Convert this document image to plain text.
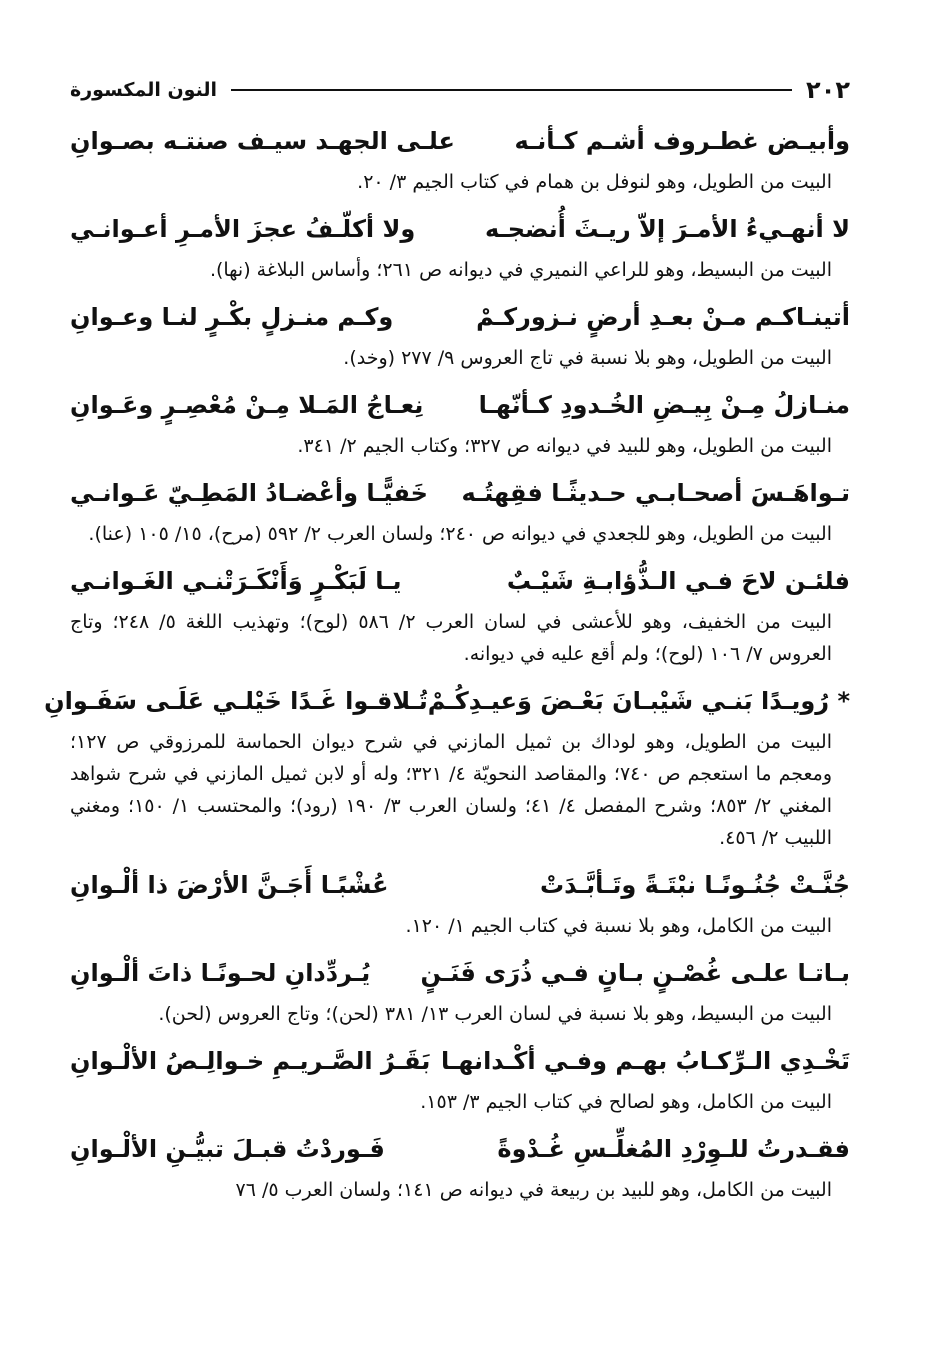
٢٠٢
النون المكسورة
وأبيـض غطـروف أشـم كـأنـه
علـى الجهـد سيـف صنتـه بصـوانِ
البيت من الطويل، وهو لنوفل بن همام في كتاب الجيم ٣/ ٢٠.
لا أنهـيءُ الأمـرَ إلاّ ريـثَ أُنضجـه
ولا أكلّـفُ عجزَ الأمـرِ أعـوانـي
البيت من البسيط، وهو للراعي النميري في ديوانه ص ٢٦١؛ وأساس البلاغة (نها).
أتينـاكـم مـنْ بعـدِ أرضٍ نـزوركـمْ
وكـم منـزلٍ بكْـرٍ لنـا وعـوانِ
البيت من الطويل، وهو بلا نسبة في تاج العروس ٩/ ٢٧٧ (وخد).
منـازلُ مِـنْ بِيـضِ الخُـدودِ كـأنّهـا
نِعـاجُ المَـلا مِـنْ مُعْصِـرٍ وعَـوانِ
البيت من الطويل، وهو للبيد في ديوانه ص ٣٢٧؛ وكتاب الجيم ٢/ ٣٤١.
تـواهَـسَ أصحـابـي حـديثًـا فقِهتُـه
خَفيًّـا وأعْضـادُ المَطِـيّ عَـوانـي
البيت من الطويل، وهو للجعدي في ديوانه ص ٢٤٠؛ ولسان العرب ٢/ ٥٩٢ (مرح)، ١٥/ ١٠٥ (عنا).
فلئـن لاحَ فـي الـذُّؤابـةِ شَيْـبٌ
يـا لَبَكْـرٍ وَأَنْكَـرَتْنـي الغَـوانـي
البيت من الخفيف، وهو للأعشى في لسان العرب ٢/ ٥٨٦ (لوح)؛ وتهذيب اللغة ٥/ ٢٤٨؛ وتاج العروس ٧/ ١٠٦ (لوح)؛ ولم أقع عليه في ديوانه.
* رُويـدًا بَنـي شَيْبـانَ بَعْـضَ وَعيـدِكُـمْ
تُـلاقـوا غَـدًا خَيْلـي عَلَـى سَفَـوانِ
البيت من الطويل، وهو لوداك بن ثميل المازني في شرح ديوان الحماسة للمرزوقي ص ١٢٧؛ ومعجم ما استعجم ص ٧٤٠؛ والمقاصد النحويّة ٤/ ٣٢١؛ وله أو لابن ثميل المازني في شرح شواهد المغني ٢/ ٨٥٣؛ وشرح المفصل ٤/ ٤١؛ ولسان العرب ٣/ ١٩٠ (رود)؛ والمحتسب ١/ ١٥٠؛ ومغني اللبيب ٢/ ٤٥٦.
جُنَّـتْ جُنُـونًـا نبْتَـةً وتَـأبَّـدَتْ
عُشْبًـا أَجَـنَّ الأرْضَ ذا ألْـوانِ
البيت من الكامل، وهو بلا نسبة في كتاب الجيم ١/ ١٢٠.
بـاتـا علـى غُصْـنٍ بـانٍ فـي ذُرَى فَنَـنٍ
يُـردِّدانِ لحـونًـا ذاتَ ألْـوانِ
البيت من البسيط، وهو بلا نسبة في لسان العرب ١٣/ ٣٨١ (لحن)؛ وتاج العروس (لحن).
تَخْـدِي الـرِّكـابُ بهـم وفـي أكْـدانهـا
بَقَـرُ الصَّـريـمِ خـوالِـصُ الألْـوانِ
البيت من الكامل، وهو لصالح في كتاب الجيم ٣/ ١٥٣.
فقـدرتُ للـوِرْدِ المُغلِّـسِ غُـدْوةً
فَـوردْتُ قبـلَ تبيُّـنِ الألْـوانِ
البيت من الكامل، وهو للبيد بن ربيعة في ديوانه ص ١٤١؛ ولسان العرب ٥/ ٧٦
